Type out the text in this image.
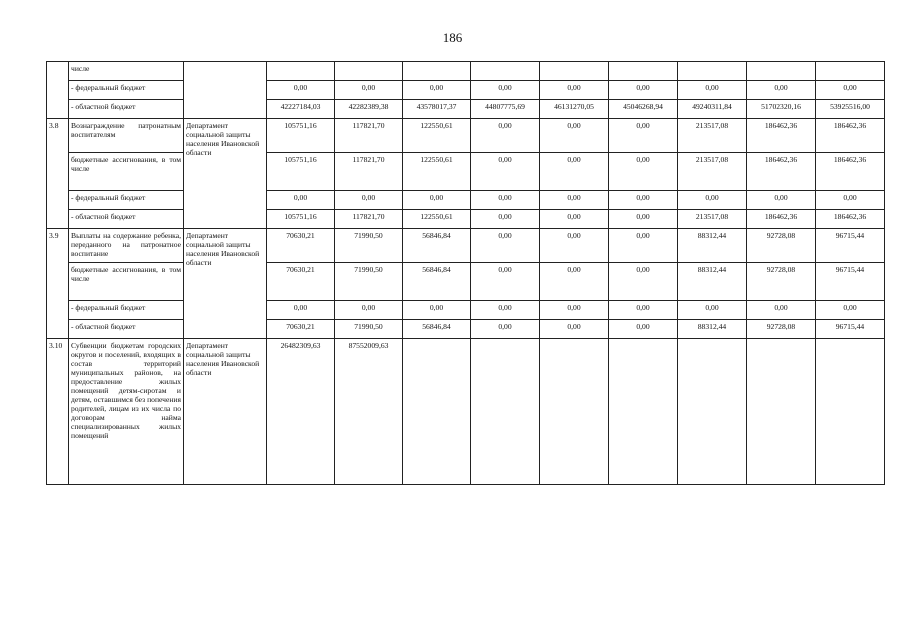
186
	числе										
	- федеральный бюджет		0,00	0,00	0,00	0,00	0,00	0,00	0,00	0,00	0,00
	- областной бюджет		42227184,03	42282389,38	43578017,37	44807775,69	46131270,05	45046268,94	49240311,84	51702320,16	53925516,00
3.8	Вознаграждение патронатным воспитателям	Департамент социальной защиты населения Ивановской области	105751,16	117821,70	122550,61	0,00	0,00	0,00	213517,08	186462,36	186462,36
	бюджетные ассигнования, в том числе		105751,16	117821,70	122550,61	0,00	0,00	0,00	213517,08	186462,36	186462,36
	- федеральный бюджет		0,00	0,00	0,00	0,00	0,00	0,00	0,00	0,00	0,00
	- областной бюджет		105751,16	117821,70	122550,61	0,00	0,00	0,00	213517,08	186462,36	186462,36
3.9	Выплаты на содержание ребенка, переданного на патронатное воспитание	Департамент социальной защиты населения Ивановской области	70630,21	71990,50	56846,84	0,00	0,00	0,00	88312,44	92728,08	96715,44
	бюджетные ассигнования, в том числе		70630,21	71990,50	56846,84	0,00	0,00	0,00	88312,44	92728,08	96715,44
	- федеральный бюджет		0,00	0,00	0,00	0,00	0,00	0,00	0,00	0,00	0,00
	- областной бюджет		70630,21	71990,50	56846,84	0,00	0,00	0,00	88312,44	92728,08	96715,44
3.10	Субвенции бюджетам городских округов и поселений, входящих в состав территорий муниципальных районов, на предоставление жилых помещений детям-сиротам и детям, оставшимся без попечения родителей, лицам из их числа по договорам найма специализированных жилых помещений	Департамент социальной защиты населения Ивановской области	26482309,63	87552009,63							
